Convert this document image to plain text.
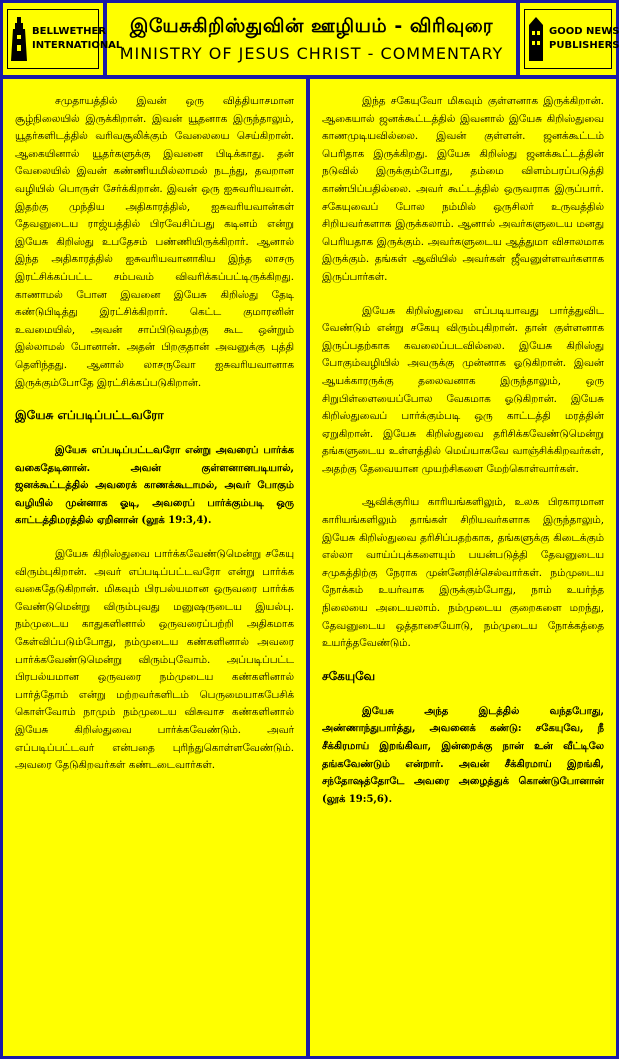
BELLWETHER
INTERNATIONAL
இயேசுகிறிஸ்துவின் ஊழியம் - விரிவுரை
MINISTRY OF JESUS CHRIST - COMMENTARY
GOOD NEWS
PUBLISHERS

சமுதாயத்தில் இவன் ஒரு வித்தியாசமான சூழ்நிலையில் இருக்கிறான். இவன் யூதனாக இருந்தாலும், யூதர்களிடத்தில் வரிவசூலிக்கும் வேலையை செய்கிறான். ஆகையினால் யூதர்களுக்கு இவனை பிடிக்காது. தன் வேலையில் இவன் கண்ணியமில்லாமல் நடந்து, தவறான வழியில் பொருள் சேர்க்கிறான். இவன் ஒரு ஐசுவரியவான். இதற்கு முந்திய அதிகாரத்தில், ஐசுவரியவான்கள் தேவனுடைய ராஜ்யத்தில் பிரவேசிப்பது கடினம் என்று இயேசு கிறிஸ்து உபதேசம் பண்ணியிருக்கிறார். ஆனால் இந்த அதிகாரத்தில் ஐசுவரியவானாகிய இந்த லாசரு இரட்சிக்கப்பட்ட சம்பவம் விவரிக்கப்பட்டிருக்கிறது. காணாமல் போன இவனை இயேசு கிறிஸ்து தேடி கண்டுபிடித்து இரட்சிக்கிறார். கெட்ட குமாரனின் உவமையில், அவன் சாப்பிடுவதற்கு கூட ஒன்றும் இல்லாமல் போனான். அதன் பிறகுதான் அவனுக்கு புத்தி தெளிந்தது. ஆனால் லாசருவோ ஐசுவரியவானாக இருக்கும்போதே இரட்சிக்கப்படுகிறான்.

இயேசு எப்படிப்பட்டவரோ

இயேசு எப்படிப்பட்டவரோ என்று அவரைப் பார்க்க வகைதேடினான். அவன் குள்ளனானபடியால், ஜனக்கூட்டத்தில் அவரைக் காணக்கூடாமல், அவர் போகும் வழியில் முன்னாக ஓடி, அவரைப் பார்க்கும்படி ஒரு காட்டத்திமரத்தில் ஏறினான் (லூக் 19:3,4).

இயேசு கிறிஸ்துவை பார்க்கவேண்டுமென்று சகேயு விரும்புகிறான். அவர் எப்படிப்பட்டவரோ என்று பார்க்க வகைதேடுகிறான். மிகவும் பிரபல்யமான ஒருவரை பார்க்க வேண்டுமென்று விரும்புவது மனுஷருடைய இயல்பு. நம்முடைய காதுகளினால் ஒருவரைப்பற்றி அதிகமாக கேள்விப்படும்போது, நம்முடைய கண்களினால் அவரை பார்க்கவேண்டுமென்று விரும்புவோம். அப்படிப்பட்ட பிரபல்யமான ஒருவரை நம்முடைய கண்களினால் பார்த்தோம் என்று மற்றவர்களிடம் பெருமையாகபேசிக் கொள்வோம் நாமும் நம்முடைய விசுவாச கண்களினால் இயேசு கிறிஸ்துவை பார்க்கவேண்டும். அவர் எப்படிப்பட்டவர் என்பதை புரிந்துகொள்ளவேண்டும். அவரை தேடுகிறவர்கள் கண்டடைவார்கள்.

இந்த சகேயுவோ மிகவும் குள்ளனாக இருக்கிறான். ஆகையால் ஜனக்கூட்டத்தில் இவனால் இயேசு கிறிஸ்துவை காணமுடியவில்லை. இவன் குள்ளன். ஜனக்கூட்டம் பெரிதாக இருக்கிறது. இயேசு கிறிஸ்து ஜனக்கூட்டத்தின் நடுவில் இருக்கும்போது, தம்மை விளம்பரப்படுத்தி காண்பிப்பதில்லை. அவர் கூட்டத்தில் ஒருவராக இருப்பார். சகேயுவைப் போல நம்மில் ஒருசிலர் உருவத்தில் சிறியவர்களாக இருக்கலாம். ஆனால் அவர்களுடைய மனது பெரியதாக இருக்கும். அவர்களுடைய ஆத்துமா விசாலமாக இருக்கும். தங்கள் ஆவியில் அவர்கள் ஜீவனுள்ளவர்களாக இருப்பார்கள்.

இயேசு கிறிஸ்துவை எப்படியாவது பார்த்துவிட வேண்டும் என்று சகேயு விரும்புகிறான். தான் குள்ளனாக இருப்பதற்காக கவலைப்படவில்லை. இயேசு கிறிஸ்து போகும்வழியில் அவருக்கு முன்னாக ஓடுகிறான். இவன் ஆயக்காரருக்கு தலைவனாக இருந்தாலும், ஒரு சிறுபிள்ளையைப்போல வேகமாக ஓடுகிறான். இயேசு கிறிஸ்துவைப் பார்க்கும்படி ஒரு காட்டத்தி மரத்தின் ஏறுகிறான். இயேசு கிறிஸ்துவை தரிசிக்கவேண்டுமென்று தங்களுடைய உள்ளத்தில் மெய்யாகவே வாஞ்சிக்கிறவர்கள், அதற்கு தேவையான முயற்சிகளை மேற்கொள்வார்கள்.

ஆவிக்குரிய காரியங்களிலும், உலக பிரகாரமான காரியங்களிலும் தாங்கள் சிறியவர்களாக இருந்தாலும், இயேசு கிறிஸ்துவை தரிசிப்பதற்காக, தங்களுக்கு கிடைக்கும் எல்லா வாய்ப்புக்களையும் பயன்படுத்தி தேவனுடைய சமுகத்திற்கு நேராக முன்னேறிச்செல்வார்கள். நம்முடைய நோக்கம் உயர்வாக இருக்கும்போது, நாம் உயர்ந்த நிலையை அடையலாம். நம்முடைய குறைகளை மறந்து, தேவனுடைய ஒத்தாசையோடு, நம்முடைய நோக்கத்தை உயர்த்தவேண்டும்.

சகேயுவே

இயேசு அந்த இடத்தில் வந்தபோது, அண்ணாந்துபார்த்து, அவனைக் கண்டு: சகேயுவே, நீ சீக்கிரமாய் இறங்கிவா, இன்றைக்கு நான் உன் வீட்டிலே தங்கவேண்டும் என்றார். அவன் சீக்கிரமாய் இறங்கி, சந்தோஷத்தோடே அவரை அழைத்துக் கொண்டுபோனான் (லூக் 19:5,6).
